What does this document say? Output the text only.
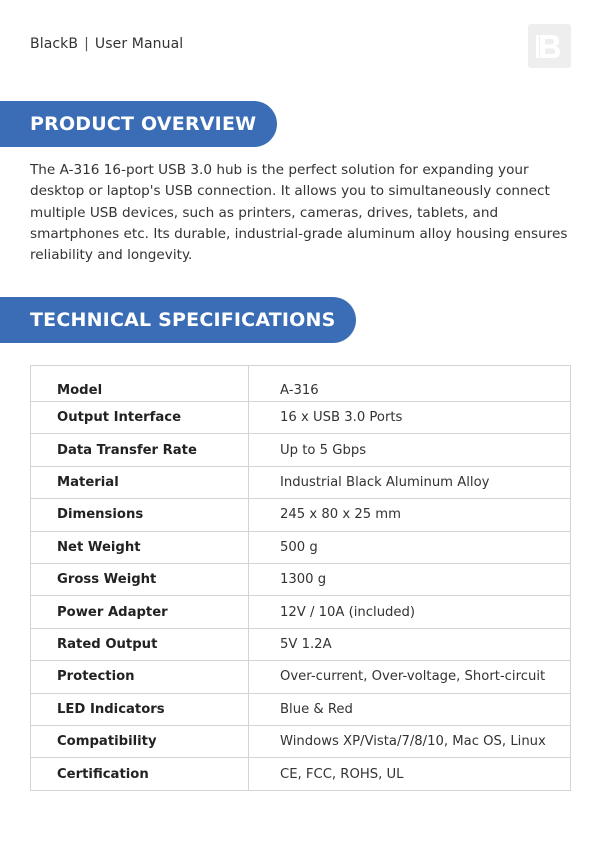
BlackB | User Manual
PRODUCT OVERVIEW

The A-316 16-port USB 3.0 hub is the perfect solution for expanding your desktop or laptop's USB connection. It allows you to simultaneously connect multiple USB devices, such as printers, cameras, drives, tablets, and smartphones etc. Its durable, industrial-grade aluminum alloy housing ensures reliability and longevity.

TECHNICAL SPECIFICATIONS
Model	A-316
Output Interface	16 x USB 3.0 Ports
Data Transfer Rate	Up to 5 Gbps
Material	Industrial Black Aluminum Alloy
Dimensions	245 x 80 x 25 mm
Net Weight	500 g
Gross Weight	1300 g
Power Adapter	12V / 10A (included)
Rated Output	5V 1.2A
Protection	Over-current, Over-voltage, Short-circuit
LED Indicators	Blue & Red
Compatibility	Windows XP/Vista/7/8/10, Mac OS, Linux
Certification	CE, FCC, ROHS, UL
